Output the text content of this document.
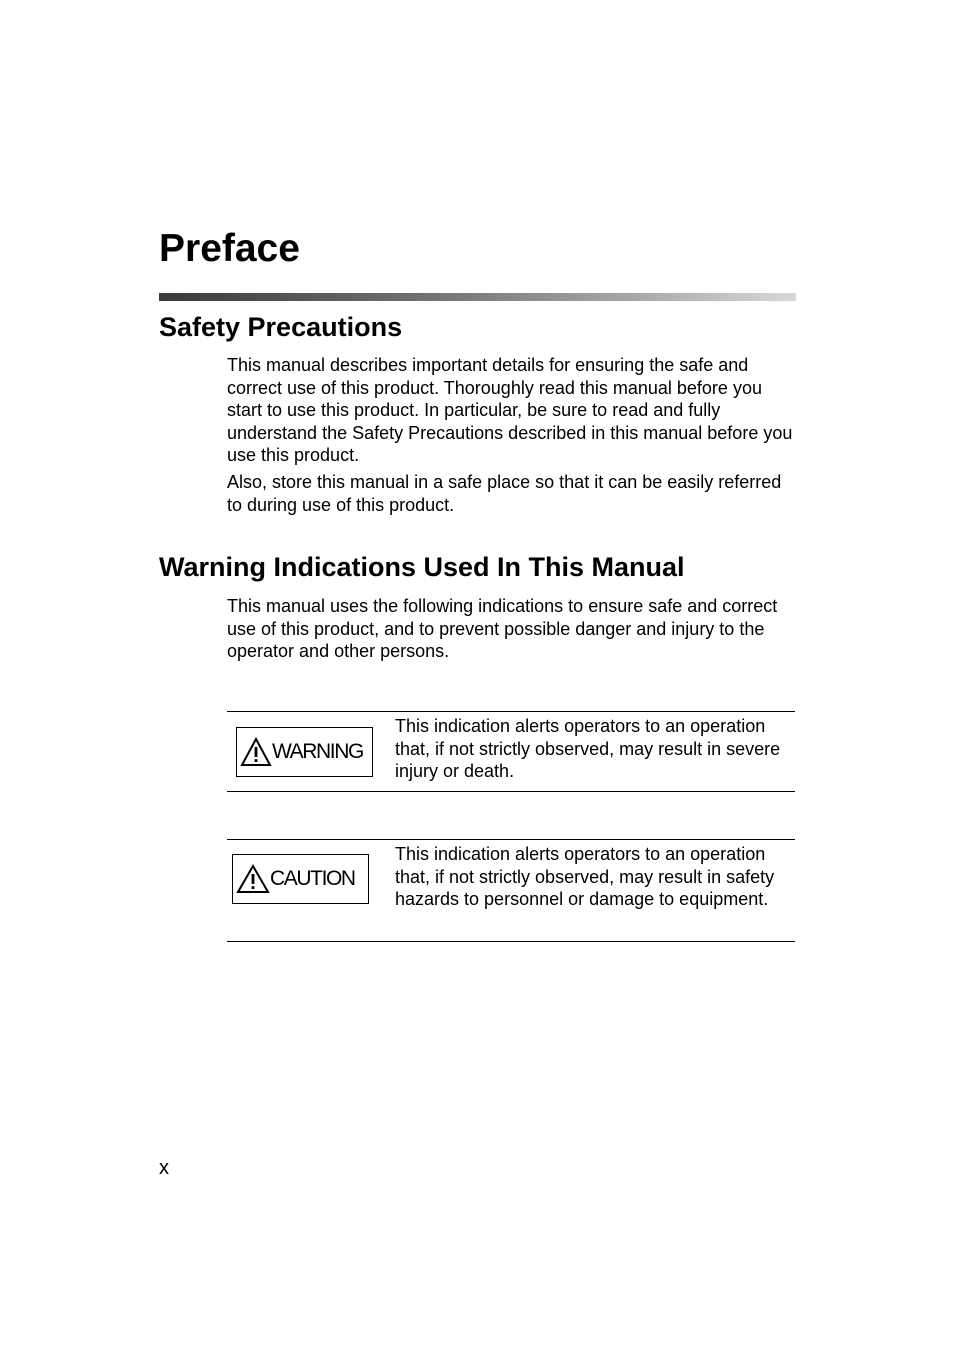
Preface
Safety Precautions

This manual describes important details for ensuring the safe and correct use of this product. Thoroughly read this manual before you start to use this product. In particular, be sure to read and fully understand the Safety Precautions described in this manual before you use this product.

Also, store this manual in a safe place so that it can be easily referred to during use of this product.

Warning Indications Used In This Manual

This manual uses the following indications to ensure safe and correct use of this product, and to prevent possible danger and injury to the operator and other persons.

WARNING

This indication alerts operators to an operation that, if not strictly observed, may result in severe injury or death.

CAUTION

This indication alerts operators to an operation that, if not strictly observed, may result in safety hazards to personnel or damage to equipment.

x
